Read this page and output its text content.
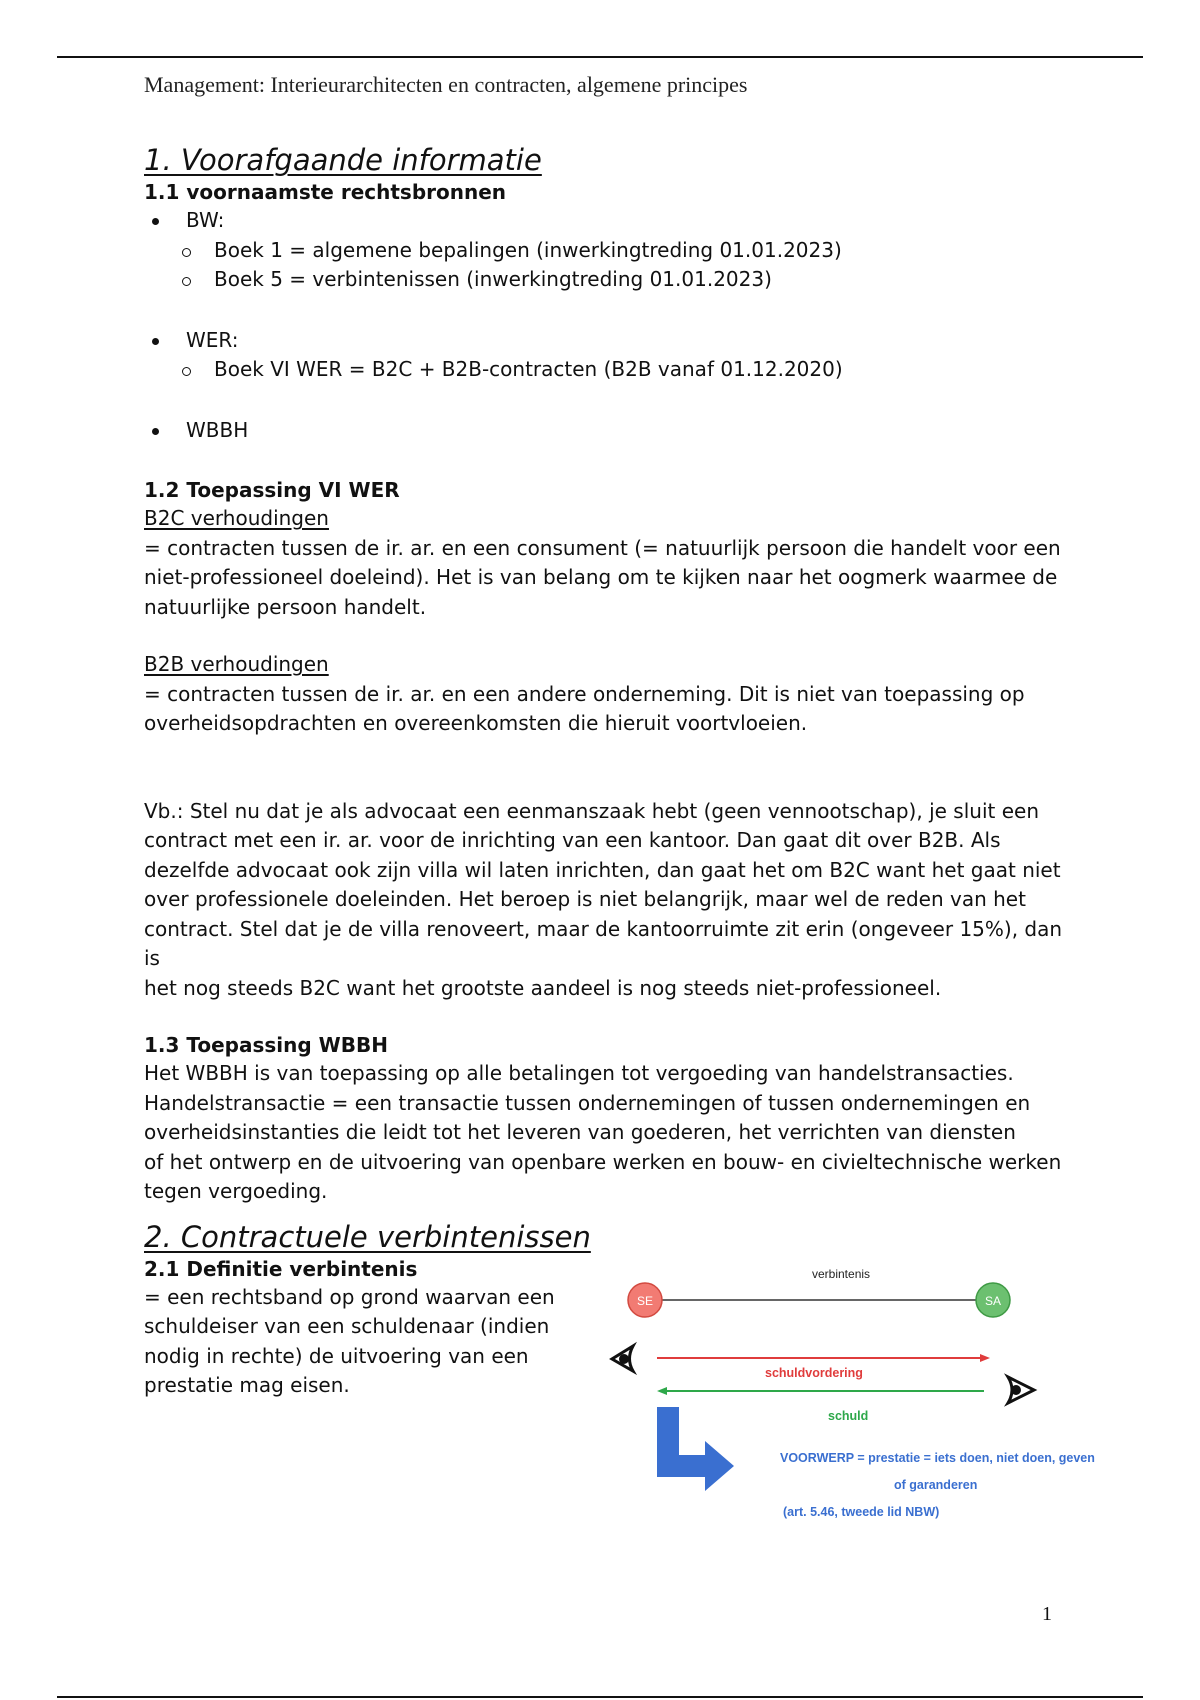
Management: Interieurarchitecten en contracten, algemene principes
1. Voorafgaande informatie
1.1 voornaamste rechtsbronnen
BW:
Boek 1 = algemene bepalingen (inwerkingtreding 01.01.2023)
Boek 5 = verbintenissen (inwerkingtreding 01.01.2023)
WER:
Boek VI WER = B2C + B2B-contracten (B2B vanaf 01.12.2020)
WBBH
1.2 Toepassing VI WER

B2C verhoudingen

= contracten tussen de ir. ar. en een consument (= natuurlijk persoon die handelt voor een

niet-professioneel doeleind). Het is van belang om te kijken naar het oogmerk waarmee de

natuurlijke persoon handelt.

B2B verhoudingen

= contracten tussen de ir. ar. en een andere onderneming. Dit is niet van toepassing op

overheidsopdrachten en overeenkomsten die hieruit voortvloeien.

Vb.: Stel nu dat je als advocaat een eenmanszaak hebt (geen vennootschap), je sluit een

contract met een ir. ar. voor de inrichting van een kantoor. Dan gaat dit over B2B. Als

dezelfde advocaat ook zijn villa wil laten inrichten, dan gaat het om B2C want het gaat niet

over professionele doeleinden. Het beroep is niet belangrijk, maar wel de reden van het

contract. Stel dat je de villa renoveert, maar de kantoorruimte zit erin (ongeveer 15%), dan is

het nog steeds B2C want het grootste aandeel is nog steeds niet-professioneel.

1.3 Toepassing WBBH

Het WBBH is van toepassing op alle betalingen tot vergoeding van handelstransacties.

Handelstransactie = een transactie tussen ondernemingen of tussen ondernemingen en

overheidsinstanties die leidt tot het leveren van goederen, het verrichten van diensten

of het ontwerp en de uitvoering van openbare werken en bouw- en civieltechnische werken

tegen vergoeding.

2. Contractuele verbintenissen
2.1 Definitie verbintenis

= een rechtsband op grond waarvan een

schuldeiser van een schuldenaar (indien

nodig in rechte) de uitvoering van een

prestatie mag eisen.

verbintenis
SE	SA
schuldvordering
schuld
VOORWERP = prestatie = iets doen, niet doen, geven
of garanderen
(art. 5.46, tweede lid NBW)
1
